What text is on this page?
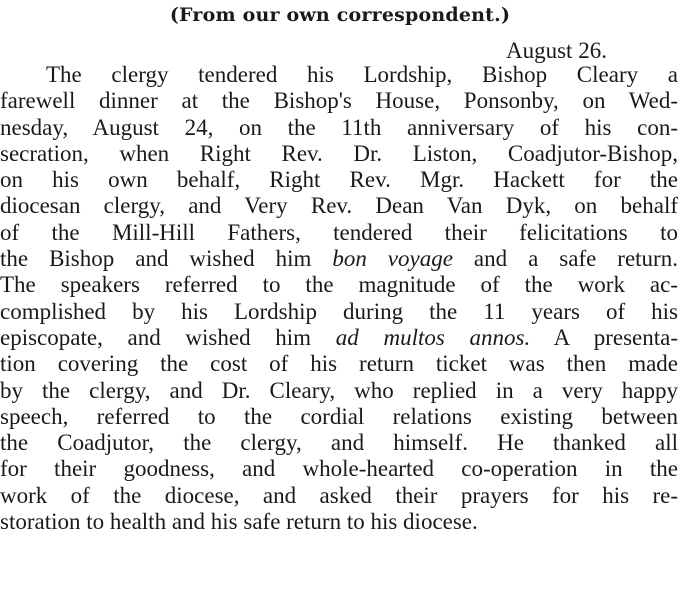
(From our own correspondent.)
August 26.
The clergy tendered his Lordship, Bishop Cleary a
farewell dinner at the Bishop's House, Ponsonby, on Wed-
nesday, August 24, on the 11th anniversary of his con-
secration, when Right Rev. Dr. Liston, Coadjutor-Bishop,
on his own behalf, Right Rev. Mgr. Hackett for the
diocesan clergy, and Very Rev. Dean Van Dyk, on behalf
of the Mill-Hill Fathers, tendered their felicitations to
the Bishop and wished him bon voyage and a safe return.
The speakers referred to the magnitude of the work ac-
complished by his Lordship during the 11 years of his
episcopate, and wished him ad multos annos. A presenta-
tion covering the cost of his return ticket was then made
by the clergy, and Dr. Cleary, who replied in a very happy
speech, referred to the cordial relations existing between
the Coadjutor, the clergy, and himself. He thanked all
for their goodness, and whole-hearted co-operation in the
work of the diocese, and asked their prayers for his re-
storation to health and his safe return to his diocese.
